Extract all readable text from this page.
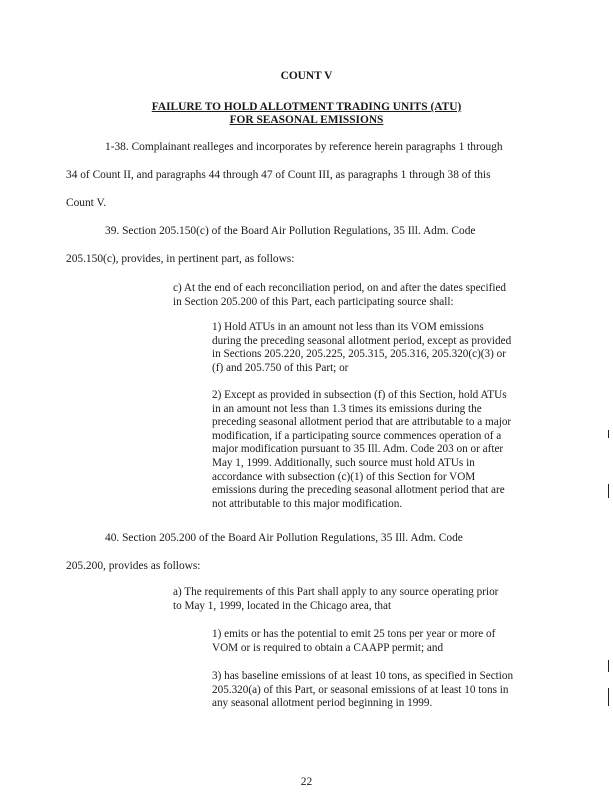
COUNT V
FAILURE TO HOLD ALLOTMENT TRADING UNITS (ATU)
FOR SEASONAL EMISSIONS
1-38. Complainant realleges and incorporates by reference herein paragraphs 1 through
34 of Count II, and paragraphs 44 through 47 of Count III, as paragraphs 1 through 38 of this
Count V.
39. Section 205.150(c) of the Board Air Pollution Regulations, 35 Ill. Adm. Code
205.150(c), provides, in pertinent part, as follows:
c) At the end of each reconciliation period, on and after the dates specified
in Section 205.200 of this Part, each participating source shall:
1) Hold ATUs in an amount not less than its VOM emissions
during the preceding seasonal allotment period, except as provided
in Sections 205.220, 205.225, 205.315, 205.316, 205.320(c)(3) or
(f) and 205.750 of this Part; or
2) Except as provided in subsection (f) of this Section, hold ATUs
in an amount not less than 1.3 times its emissions during the
preceding seasonal allotment period that are attributable to a major
modification, if a participating source commences operation of a
major modification pursuant to 35 Ill. Adm. Code 203 on or after
May 1, 1999. Additionally, such source must hold ATUs in
accordance with subsection (c)(1) of this Section for VOM
emissions during the preceding seasonal allotment period that are
not attributable to this major modification.
40. Section 205.200 of the Board Air Pollution Regulations, 35 Ill. Adm. Code
205.200, provides as follows:
a) The requirements of this Part shall apply to any source operating prior
to May 1, 1999, located in the Chicago area, that
1) emits or has the potential to emit 25 tons per year or more of
VOM or is required to obtain a CAAPP permit; and
3) has baseline emissions of at least 10 tons, as specified in Section
205.320(a) of this Part, or seasonal emissions of at least 10 tons in
any seasonal allotment period beginning in 1999.
22
